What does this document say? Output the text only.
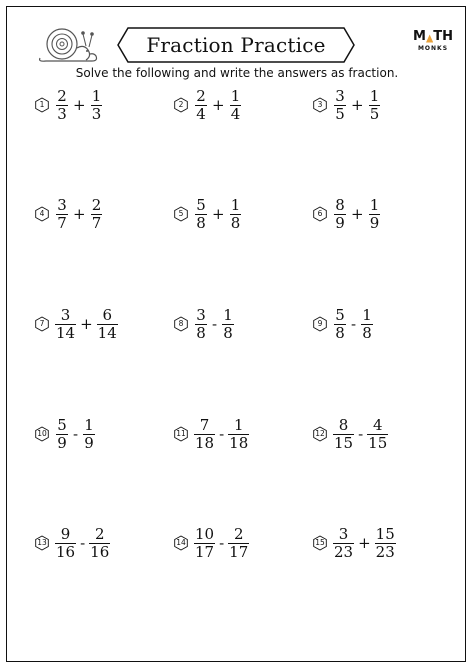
Fraction Practice	M TH
MONKS
Solve the following and write the answers as fraction.
$1 \frac{2}{3} + \frac{1}{3}$	$2 \frac{2}{4} + \frac{1}{4}$	$3 \frac{3}{5} + \frac{1}{5}$
$4 \frac{3}{7} + \frac{2}{7}$	$5 \frac{5}{8} + \frac{1}{8}$	$6 \frac{8}{9} + \frac{1}{9}$
$7 \frac{3}{14} + \frac{6}{14}$	$8 \frac{3}{8} - \frac{1}{8}$	$9 \frac{5}{8} - \frac{1}{8}$
$10 \frac{5}{9} - \frac{1}{9}$	$11 \frac{7}{18} - \frac{1}{18}$	$12 \frac{8}{15} - \frac{4}{15}$
$13 \frac{9}{16} - \frac{2}{16}$	$14 \frac{10}{17} - \frac{2}{17}$	$15 \frac{3}{23} + \frac{15}{23}$
